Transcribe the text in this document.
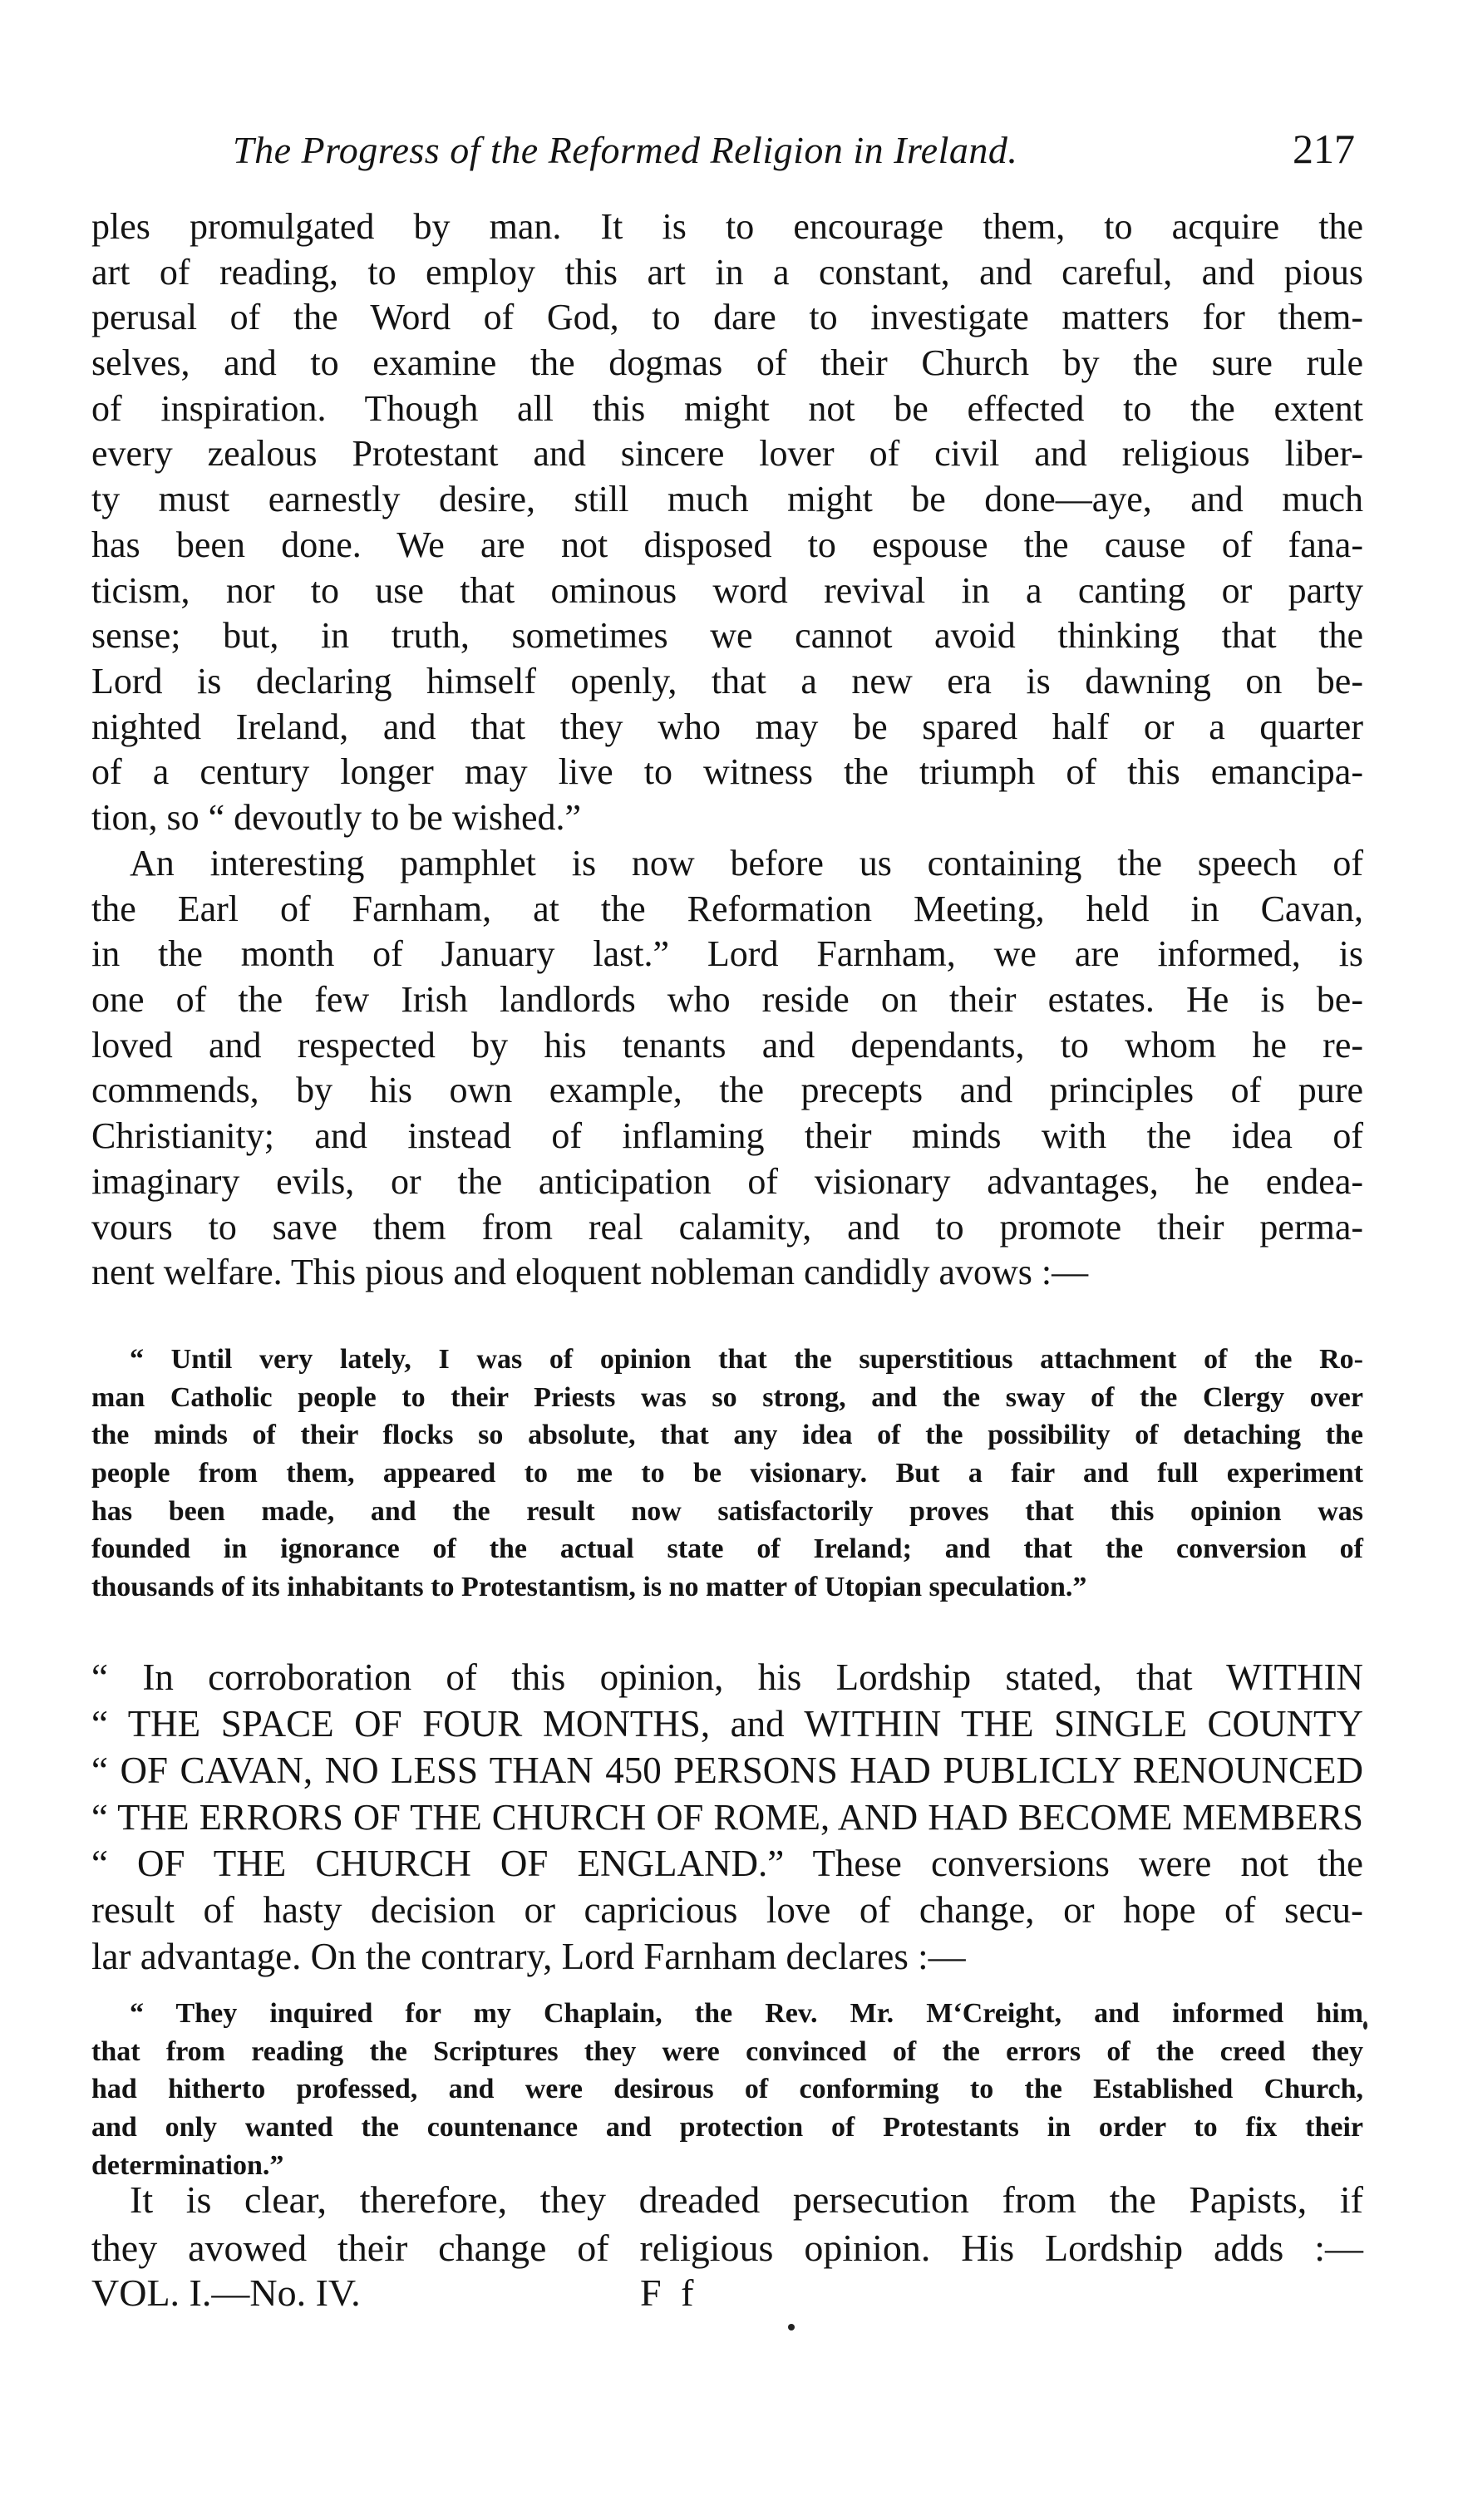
The Progress of the Reformed Religion in Ireland.	217
ples promulgated by man. It is to encourage them, to acquire the
art of reading, to employ this art in a constant, and careful, and pious
perusal of the Word of God, to dare to investigate matters for them-
selves, and to examine the dogmas of their Church by the sure rule
of inspiration. Though all this might not be effected to the extent
every zealous Protestant and sincere lover of civil and religious liber-
ty must earnestly desire, still much might be done—aye, and much
has been done. We are not disposed to espouse the cause of fana-
ticism, nor to use that ominous word revival in a canting or party
sense; but, in truth, sometimes we cannot avoid thinking that the
Lord is declaring himself openly, that a new era is dawning on be-
nighted Ireland, and that they who may be spared half or a quarter
of a century longer may live to witness the triumph of this emancipa-
tion, so “ devoutly to be wished.”
An interesting pamphlet is now before us containing the speech of
the Earl of Farnham, at the Reformation Meeting, held in Cavan,
in the month of January last.” Lord Farnham, we are informed, is
one of the few Irish landlords who reside on their estates. He is be-
loved and respected by his tenants and dependants, to whom he re-
commends, by his own example, the precepts and principles of pure
Christianity; and instead of inflaming their minds with the idea of
imaginary evils, or the anticipation of visionary advantages, he endea-
vours to save them from real calamity, and to promote their perma-
nent welfare. This pious and eloquent nobleman candidly avows :—
“ Until very lately, I was of opinion that the superstitious attachment of the Ro-
man Catholic people to their Priests was so strong, and the sway of the Clergy over
the minds of their flocks so absolute, that any idea of the possibility of detaching the
people from them, appeared to me to be visionary. But a fair and full experiment
has been made, and the result now satisfactorily proves that this opinion was
founded in ignorance of the actual state of Ireland; and that the conversion of
thousands of its inhabitants to Protestantism, is no matter of Utopian speculation.”
“ In corroboration of this opinion, his Lordship stated, that WITHIN
“ THE SPACE OF FOUR MONTHS, and WITHIN THE SINGLE COUNTY
“ OF CAVAN, NO LESS THAN 450 PERSONS HAD PUBLICLY RENOUNCED
“ THE ERRORS OF THE CHURCH OF ROME, AND HAD BECOME MEMBERS
“ OF THE CHURCH OF ENGLAND.” These conversions were not the
result of hasty decision or capricious love of change, or hope of secu-
lar advantage. On the contrary, Lord Farnham declares :—
“ They inquired for my Chaplain, the Rev. Mr. M‘Creight, and informed him
that from reading the Scriptures they were convinced of the errors of the creed they
had hitherto professed, and were desirous of conforming to the Established Church,
and only wanted the countenance and protection of Protestants in order to fix their
determination.”
It is clear, therefore, they dreaded persecution from the Papists, if
they avowed their change of religious opinion. His Lordship adds :—
VOL. I.—No. IV.	F f
